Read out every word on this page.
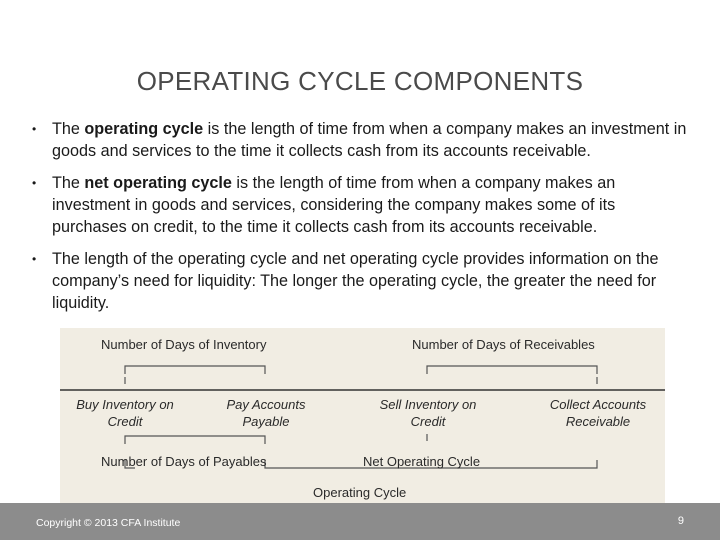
OPERATING CYCLE COMPONENTS
• The operating cycle is the length of time from when a company makes an investment in goods and services to the time it collects cash from its accounts receivable.
• The net operating cycle is the length of time from when a company makes an investment in goods and services, considering the company makes some of its purchases on credit, to the time it collects cash from its accounts receivable.
• The length of the operating cycle and net operating cycle provides information on the company’s need for liquidity: The longer the operating cycle, the greater the need for liquidity.
Number of Days of Inventory	Number of Days of Receivables
Buy Inventory on
Credit
Pay Accounts
Payable
Sell Inventory on
Credit
Collect Accounts
Receivable
Number of Days of Payables	Net Operating Cycle
Operating Cycle
Copyright © 2013 CFA Institute	9
